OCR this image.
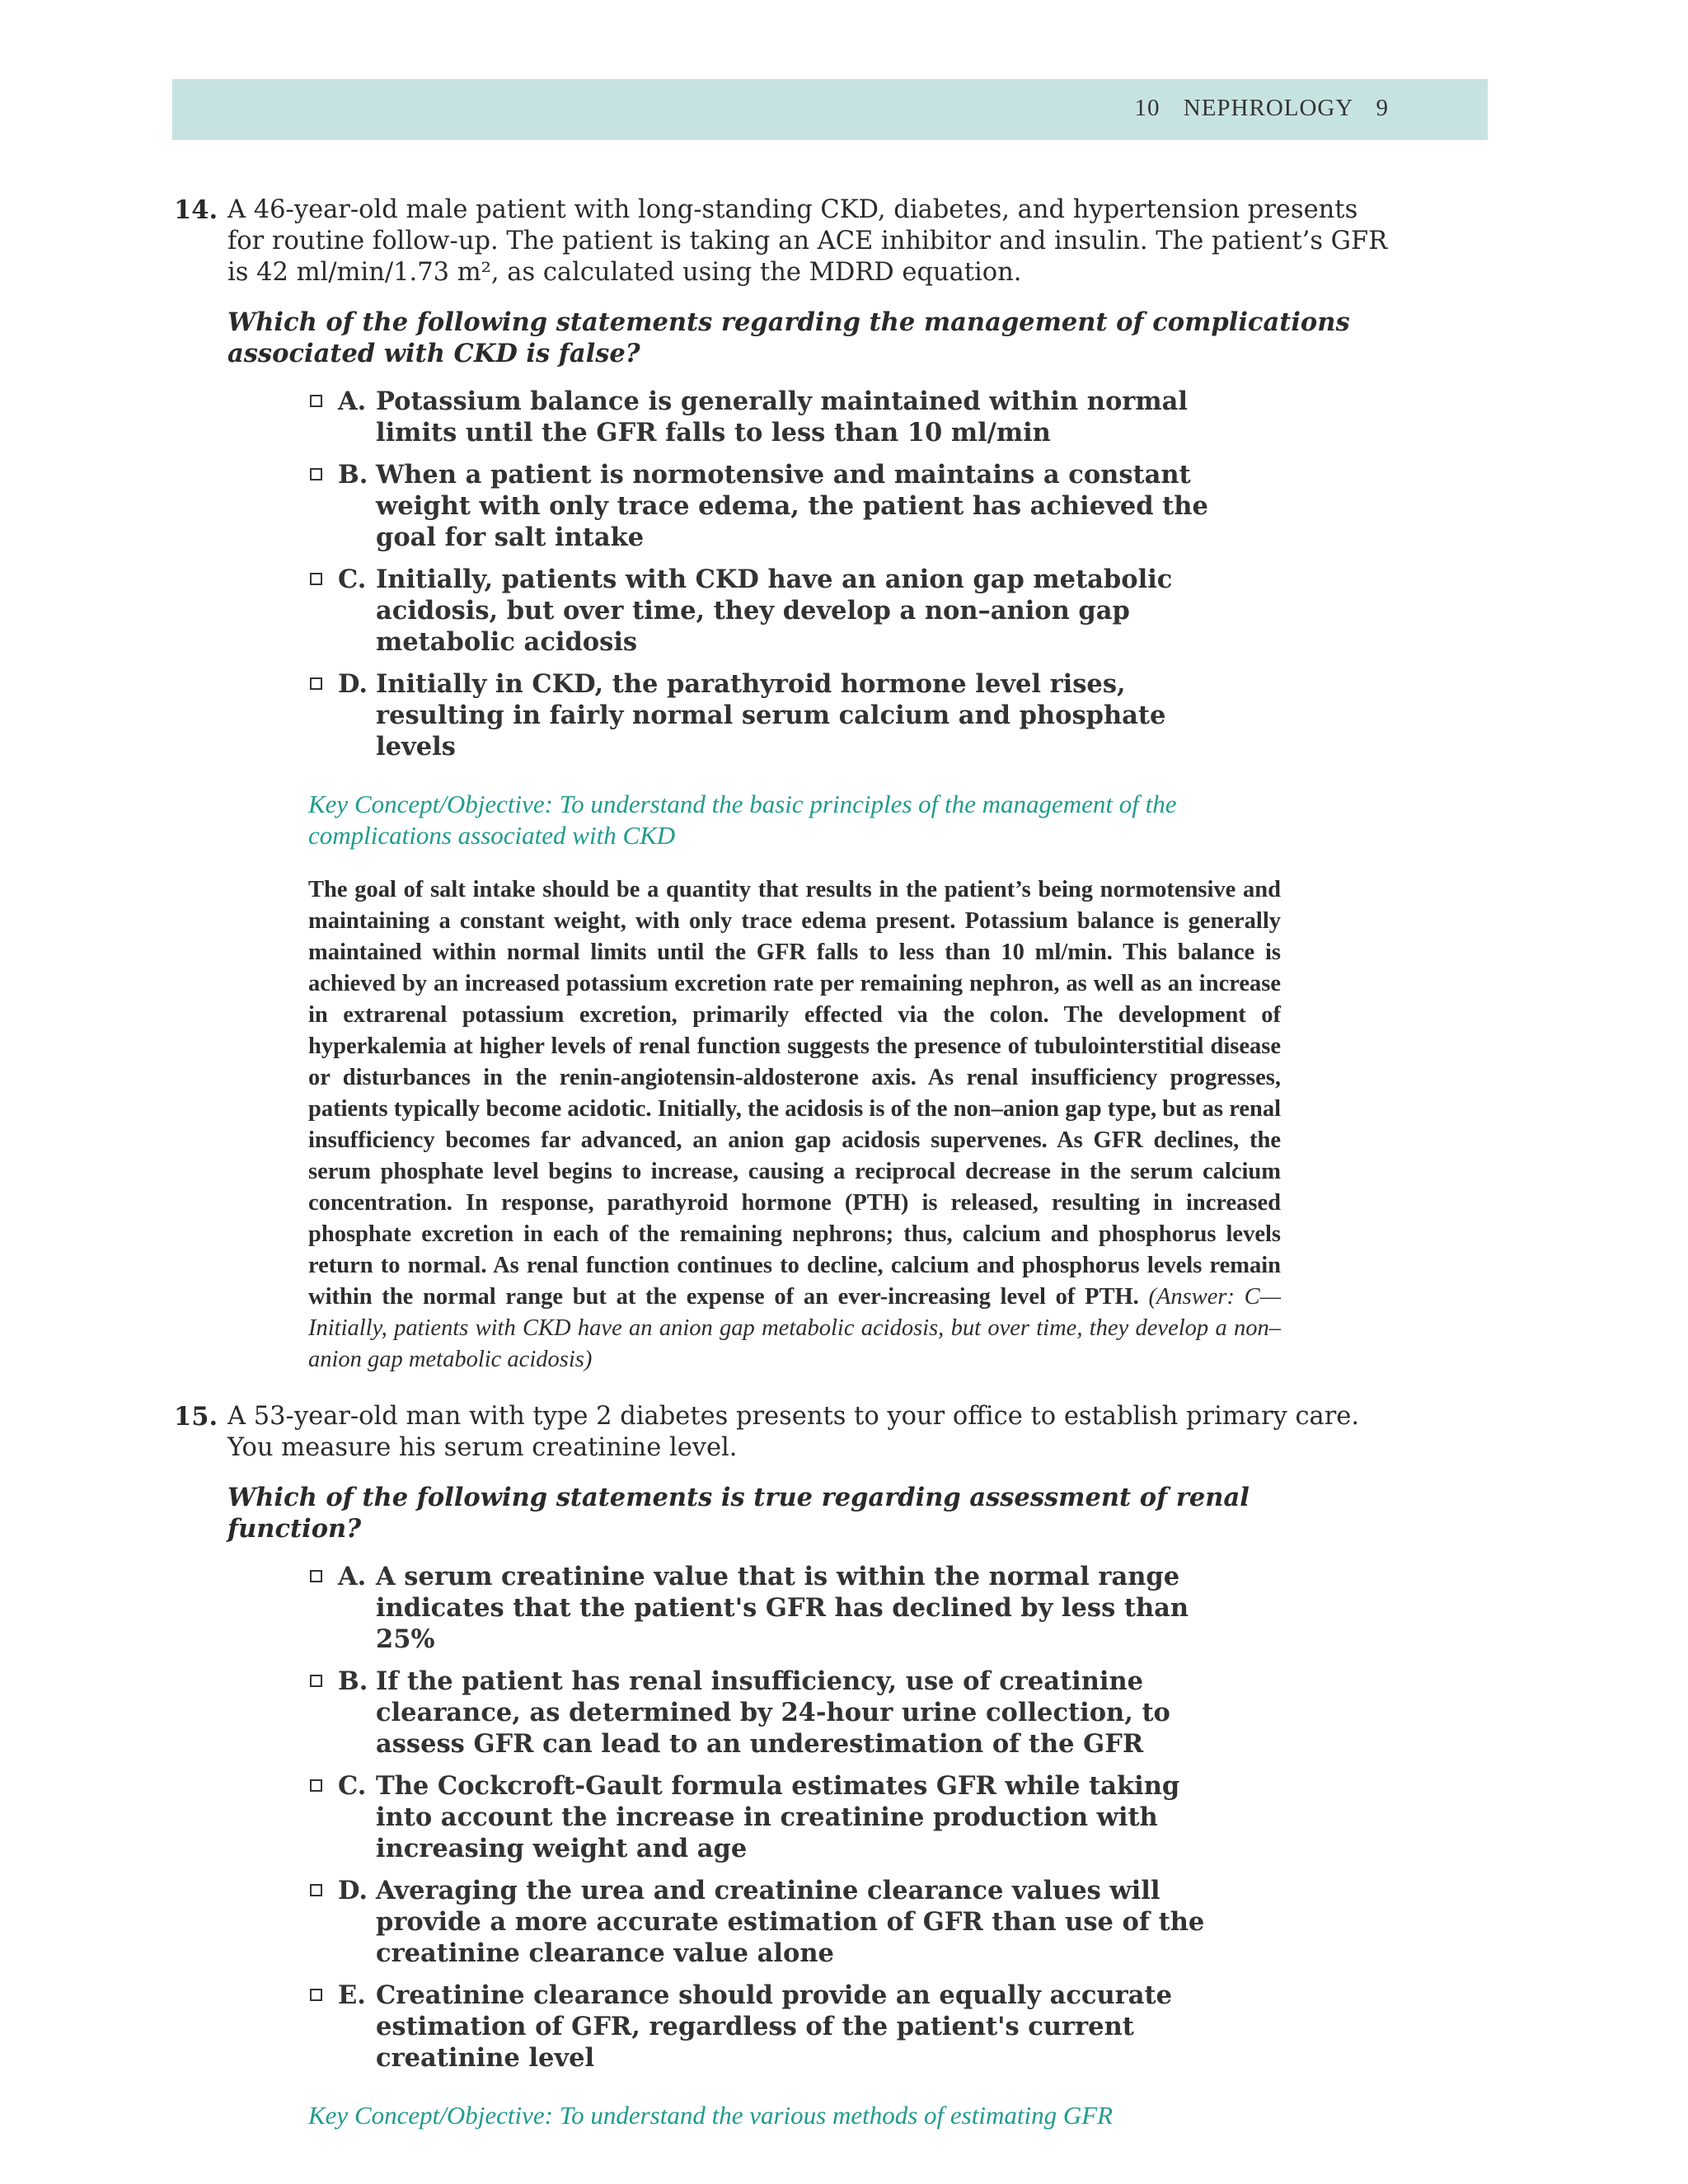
10 NEPHROLOGY 9
14. A 46-year-old male patient with long-standing CKD, diabetes, and hypertension presents for routine follow-up. The patient is taking an ACE inhibitor and insulin. The patient’s GFR is 42 ml/min/1.73 m², as calculated using the MDRD equation.
Which of the following statements regarding the management of complications associated with CKD is false?
A. Potassium balance is generally maintained within normal limits until the GFR falls to less than 10 ml/min
B. When a patient is normotensive and maintains a constant weight with only trace edema, the patient has achieved the goal for salt intake
C. Initially, patients with CKD have an anion gap metabolic acidosis, but over time, they develop a non–anion gap metabolic acidosis
D. Initially in CKD, the parathyroid hormone level rises, resulting in fairly normal serum calcium and phosphate levels
Key Concept/Objective: To understand the basic principles of the management of the complications associated with CKD
The goal of salt intake should be a quantity that results in the patient’s being normotensive and maintaining a constant weight, with only trace edema present. Potassium balance is generally maintained within normal limits until the GFR falls to less than 10 ml/min. This balance is achieved by an increased potassium excretion rate per remaining nephron, as well as an increase in extrarenal potassium excretion, primarily effected via the colon. The development of hyperkalemia at higher levels of renal function suggests the presence of tubulointerstitial disease or disturbances in the renin-angiotensin-aldosterone axis. As renal insufficiency progresses, patients typically become acidotic. Initially, the acidosis is of the non–anion gap type, but as renal insufficiency becomes far advanced, an anion gap acidosis supervenes. As GFR declines, the serum phosphate level begins to increase, causing a reciprocal decrease in the serum calcium concentration. In response, parathyroid hormone (PTH) is released, resulting in increased phosphate excretion in each of the remaining nephrons; thus, calcium and phosphorus levels return to normal. As renal function continues to decline, calcium and phosphorus levels remain within the normal range but at the expense of an ever-increasing level of PTH. (Answer: C—Initially, patients with CKD have an anion gap metabolic acidosis, but over time, they develop a non–anion gap metabolic acidosis)
15. A 53-year-old man with type 2 diabetes presents to your office to establish primary care. You measure his serum creatinine level.
Which of the following statements is true regarding assessment of renal function?
A. A serum creatinine value that is within the normal range indicates that the patient's GFR has declined by less than 25%
B. If the patient has renal insufficiency, use of creatinine clearance, as determined by 24-hour urine collection, to assess GFR can lead to an underestimation of the GFR
C. The Cockcroft-Gault formula estimates GFR while taking into account the increase in creatinine production with increasing weight and age
D. Averaging the urea and creatinine clearance values will provide a more accurate estimation of GFR than use of the creatinine clearance value alone
E. Creatinine clearance should provide an equally accurate estimation of GFR, regardless of the patient's current creatinine level
Key Concept/Objective: To understand the various methods of estimating GFR
